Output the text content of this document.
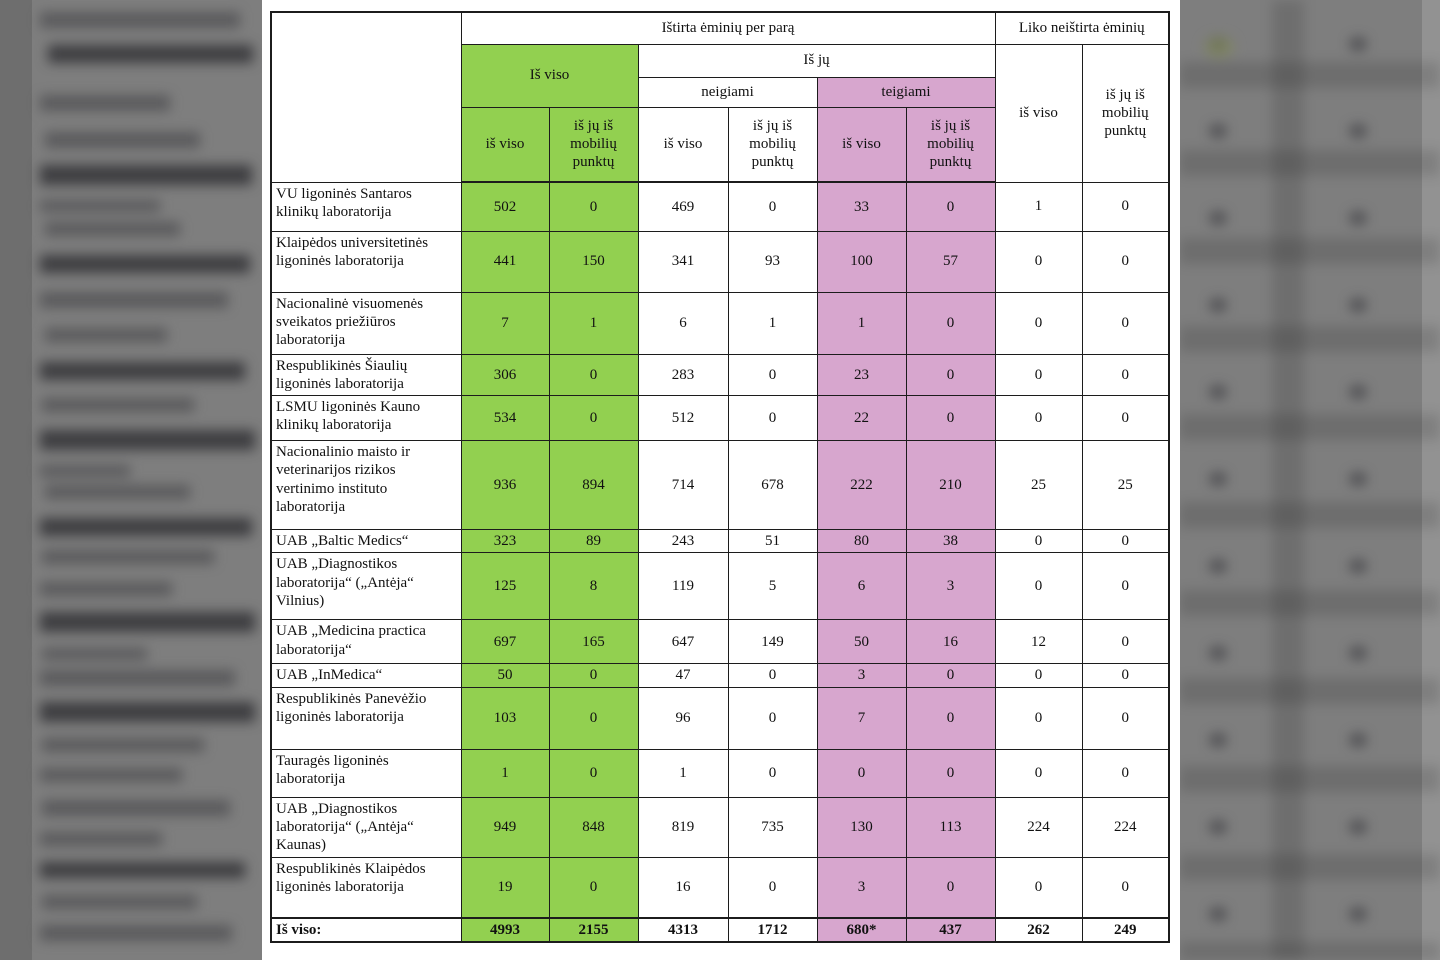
	Ištirta ėminių per parą						Liko neištirta ėminių	
	Iš viso		Iš jų				iš viso	iš jų iš mobilių punktų
			neigiami		teigiami			
	iš viso	iš jų iš mobilių punktų	iš viso	iš jų iš mobilių punktų	iš viso	iš jų iš mobilių punktų		
VU ligoninės Santaros klinikų laboratorija	502	0	469	0	33	0	1	0
Klaipėdos universitetinės ligoninės laboratorija	441	150	341	93	100	57	0	0
Nacionalinė visuomenės sveikatos priežiūros laboratorija	7	1	6	1	1	0	0	0
Respublikinės Šiaulių ligoninės laboratorija	306	0	283	0	23	0	0	0
LSMU ligoninės Kauno klinikų laboratorija	534	0	512	0	22	0	0	0
Nacionalinio maisto ir veterinarijos rizikos vertinimo instituto laboratorija	936	894	714	678	222	210	25	25
UAB „Baltic Medics“	323	89	243	51	80	38	0	0
UAB „Diagnostikos laboratorija“ („Antėja“ Vilnius)	125	8	119	5	6	3	0	0
UAB „Medicina practica laboratorija“	697	165	647	149	50	16	12	0
UAB „InMedica“	50	0	47	0	3	0	0	0
Respublikinės Panevėžio ligoninės laboratorija	103	0	96	0	7	0	0	0
Tauragės ligoninės laboratorija	1	0	1	0	0	0	0	0
UAB „Diagnostikos laboratorija“ („Antėja“ Kaunas)	949	848	819	735	130	113	224	224
Respublikinės Klaipėdos ligoninės laboratorija	19	0	16	0	3	0	0	0
Iš viso:	4993	2155	4313	1712	680*	437	262	249
